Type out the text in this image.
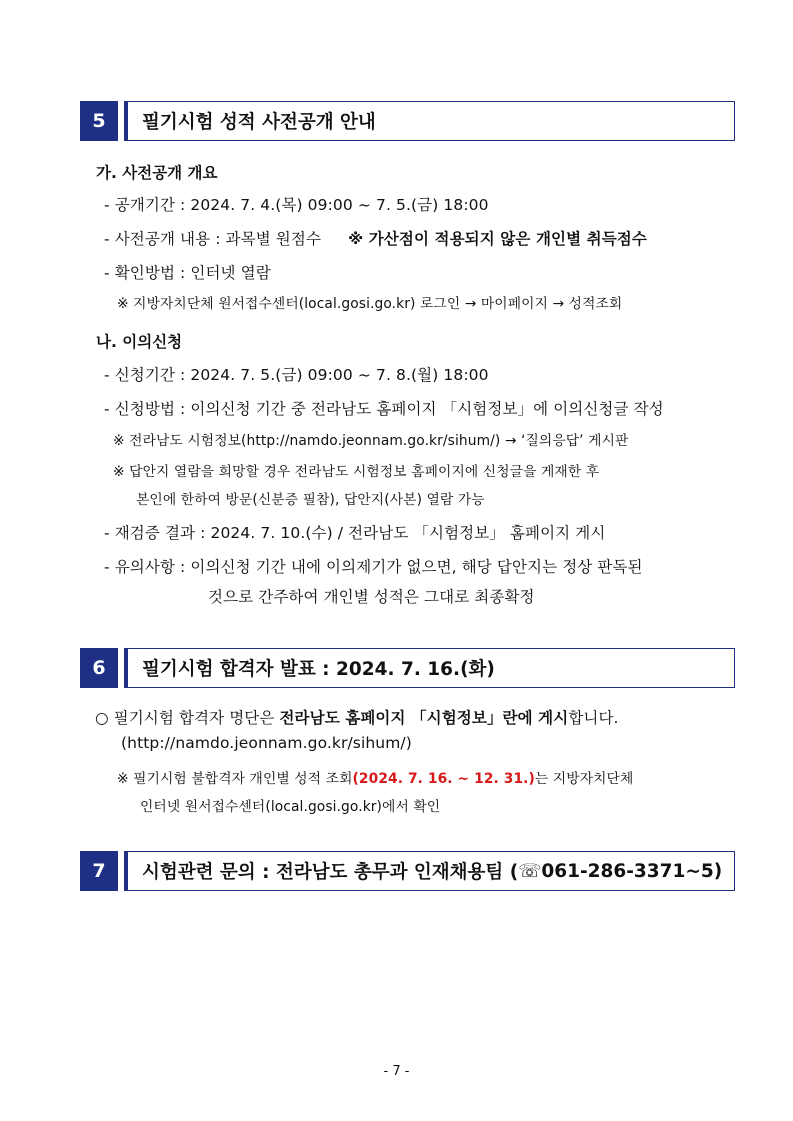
5	필기시험 성적 사전공개 안내
가. 사전공개 개요
- 공개기간 : 2024. 7. 4.(목) 09:00 ~ 7. 5.(금) 18:00
- 사전공개 내용 : 과목별 원점수 ※ 가산점이 적용되지 않은 개인별 취득점수
- 확인방법 : 인터넷 열람
※ 지방자치단체 원서접수센터(local.gosi.go.kr) 로그인 → 마이페이지 → 성적조회
나. 이의신청
- 신청기간 : 2024. 7. 5.(금) 09:00 ~ 7. 8.(월) 18:00
- 신청방법 : 이의신청 기간 중 전라남도 홈페이지 「시험정보」에 이의신청글 작성
※ 전라남도 시험정보(http://namdo.jeonnam.go.kr/sihum/) → ‘질의응답’ 게시판
※ 답안지 열람을 희망할 경우 전라남도 시험정보 홈페이지에 신청글을 게재한 후
본인에 한하여 방문(신분증 필참), 답안지(사본) 열람 가능
- 재검증 결과 : 2024. 7. 10.(수) / 전라남도 「시험정보」 홈페이지 게시
- 유의사항 : 이의신청 기간 내에 이의제기가 없으면, 해당 답안지는 정상 판독된
것으로 간주하여 개인별 성적은 그대로 최종확정
6	필기시험 합격자 발표 : 2024. 7. 16.(화)
○ 필기시험 합격자 명단은 전라남도 홈페이지 「시험정보」란에 게시합니다.
(http://namdo.jeonnam.go.kr/sihum/)
※ 필기시험 불합격자 개인별 성적 조회(2024. 7. 16. ~ 12. 31.)는 지방자치단체
인터넷 원서접수센터(local.gosi.go.kr)에서 확인
7	시험관련 문의 : 전라남도 총무과 인재채용팀 ( ☏ 061-286-3371~5)
- 7 -
